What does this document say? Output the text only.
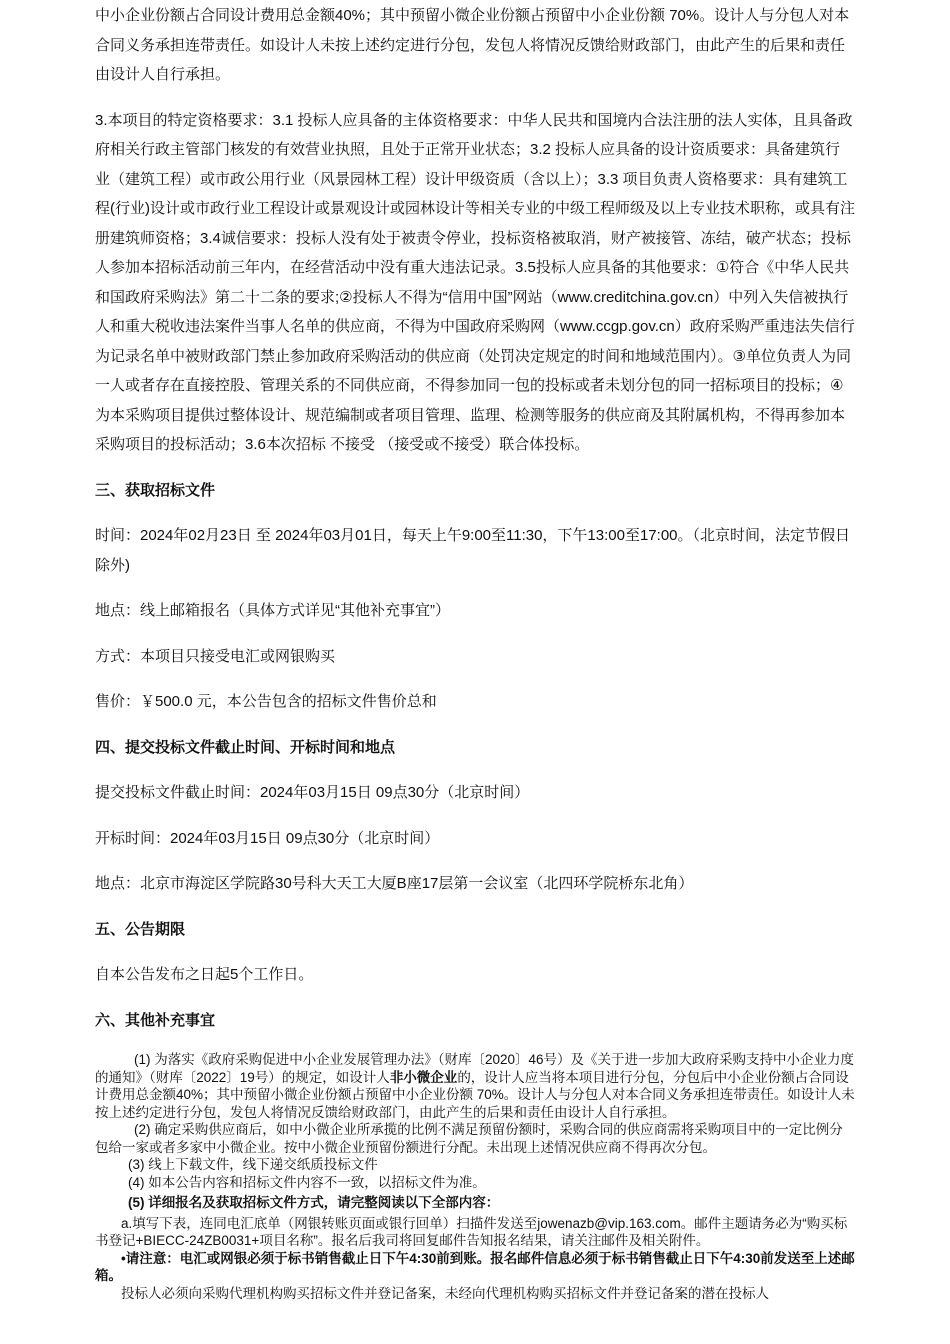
中小企业份额占合同设计费用总金额40%；其中预留小微企业份额占预留中小企业份额 70%。设计人与分包人对本合同义务承担连带责任。如设计人未按上述约定进行分包，发包人将情况反馈给财政部门，由此产生的后果和责任由设计人自行承担。

3.本项目的特定资格要求：3.1 投标人应具备的主体资格要求：中华人民共和国境内合法注册的法人实体，且具备政府相关行政主管部门核发的有效营业执照，且处于正常开业状态；3.2 投标人应具备的设计资质要求：具备建筑行业（建筑工程）或市政公用行业（风景园林工程）设计甲级资质（含以上）；3.3 项目负责人资格要求：具有建筑工程(行业)设计或市政行业工程设计或景观设计或园林设计等相关专业的中级工程师级及以上专业技术职称，或具有注册建筑师资格；3.4诚信要求：投标人没有处于被责令停业，投标资格被取消，财产被接管、冻结，破产状态；投标人参加本招标活动前三年内，在经营活动中没有重大违法记录。3.5投标人应具备的其他要求：①符合《中华人民共和国政府采购法》第二十二条的要求;②投标人不得为“信用中国”网站（www.creditchina.gov.cn）中列入失信被执行人和重大税收违法案件当事人名单的供应商，不得为中国政府采购网（www.ccgp.gov.cn）政府采购严重违法失信行为记录名单中被财政部门禁止参加政府采购活动的供应商（处罚决定规定的时间和地域范围内）。③单位负责人为同一人或者存在直接控股、管理关系的不同供应商，不得参加同一包的投标或者未划分包的同一招标项目的投标；④为本采购项目提供过整体设计、规范编制或者项目管理、监理、检测等服务的供应商及其附属机构，不得再参加本采购项目的投标活动；3.6本次招标 不接受 （接受或不接受）联合体投标。

三、获取招标文件

时间：2024年02月23日 至 2024年03月01日，每天上午9:00至11:30，下午13:00至17:00。（北京时间，法定节假日除外)

地点：线上邮箱报名（具体方式详见“其他补充事宜”）

方式：本项目只接受电汇或网银购买

售价：￥500.0 元，本公告包含的招标文件售价总和

四、提交投标文件截止时间、开标时间和地点

提交投标文件截止时间：2024年03月15日 09点30分（北京时间）

开标时间：2024年03月15日 09点30分（北京时间）

地点：北京市海淀区学院路30号科大天工大厦B座17层第一会议室（北四环学院桥东北角）

五、公告期限

自本公告发布之日起5个工作日。

六、其他补充事宜

(1) 为落实《政府采购促进中小企业发展管理办法》（财库〔2020〕46号）及《关于进一步加大政府采购支持中小企业力度的通知》（财库〔2022〕19号）的规定，如设计人非小微企业的，设计人应当将本项目进行分包，分包后中小企业份额占合同设计费用总金额40%；其中预留小微企业份额占预留中小企业份额 70%。设计人与分包人对本合同义务承担连带责任。如设计人未按上述约定进行分包，发包人将情况反馈给财政部门，由此产生的后果和责任由设计人自行承担。

(2) 确定采购供应商后，如中小微企业所承揽的比例不满足预留份额时，采购合同的供应商需将采购项目中的一定比例分包给一家或者多家中小微企业。按中小微企业预留份额进行分配。未出现上述情况供应商不得再次分包。

(3) 线上下载文件，线下递交纸质投标文件

(4) 如本公告内容和招标文件内容不一致，以招标文件为准。

(5) 详细报名及获取招标文件方式，请完整阅读以下全部内容：

a.填写下表，连同电汇底单（网银转账页面或银行回单）扫描件发送至jowenazb@vip.163.com。邮件主题请务必为“购买标书登记+BIECC-24ZB0031+项目名称”。报名后我司将回复邮件告知报名结果，请关注邮件及相关附件。

•请注意：电汇或网银必须于标书销售截止日下午4:30前到账。报名邮件信息必须于标书销售截止日下午4:30前发送至上述邮箱。

投标人必须向采购代理机构购买招标文件并登记备案，未经向代理机构购买招标文件并登记备案的潜在投标人
